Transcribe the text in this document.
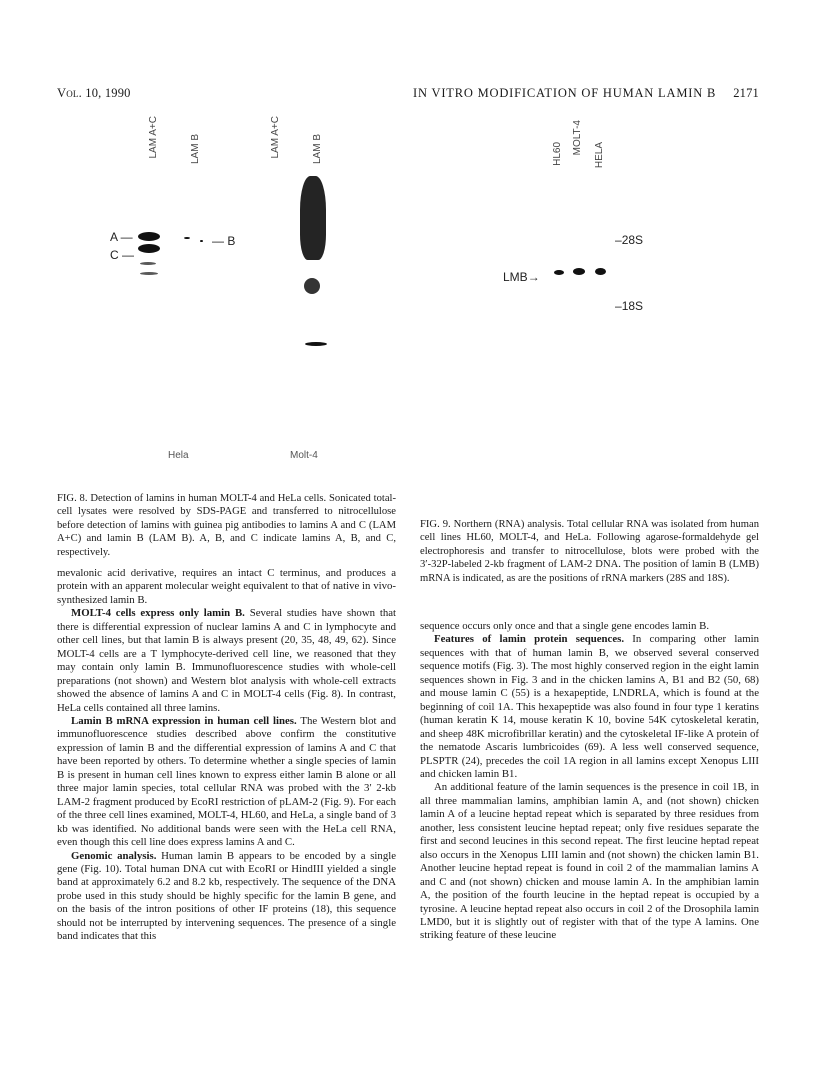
Vol. 10, 1990	IN VITRO MODIFICATION OF HUMAN LAMIN B 2171
LAM A+C	LAM B	LAM A+C	LAM B
A —
C —
— B
Hela	Molt-4
HL60 MOLT-4 HELA
–28S
LMB→
–18S
FIG. 8. Detection of lamins in human MOLT-4 and HeLa cells. Sonicated total-cell lysates were resolved by SDS-PAGE and transferred to nitrocellulose before detection of lamins with guinea pig antibodies to lamins A and C (LAM A+C) and lamin B (LAM B). A, B, and C indicate lamins A, B, and C, respectively.
FIG. 9. Northern (RNA) analysis. Total cellular RNA was isolated from human cell lines HL60, MOLT-4, and HeLa. Following agarose-formaldehyde gel electrophoresis and transfer to nitrocellulose, blots were probed with the 3′-32P-labeled 2-kb fragment of LAM-2 DNA. The position of lamin B (LMB) mRNA is indicated, as are the positions of rRNA markers (28S and 18S).

mevalonic acid derivative, requires an intact C terminus, and produces a protein with an apparent molecular weight equivalent to that of native in vivo-synthesized lamin B.

MOLT-4 cells express only lamin B. Several studies have shown that there is differential expression of nuclear lamins A and C in lymphocyte and other cell lines, but that lamin B is always present (20, 35, 48, 49, 62). Since MOLT-4 cells are a T lymphocyte-derived cell line, we reasoned that they may contain only lamin B. Immunofluorescence studies with whole-cell preparations (not shown) and Western blot analysis with whole-cell extracts showed the absence of lamins A and C in MOLT-4 cells (Fig. 8). In contrast, HeLa cells contained all three lamins.

Lamin B mRNA expression in human cell lines. The Western blot and immunofluorescence studies described above confirm the constitutive expression of lamin B and the differential expression of lamins A and C that have been reported by others. To determine whether a single species of lamin B is present in human cell lines known to express either lamin B alone or all three major lamin species, total cellular RNA was probed with the 3′ 2-kb LAM-2 fragment produced by EcoRI restriction of pLAM-2 (Fig. 9). For each of the three cell lines examined, MOLT-4, HL60, and HeLa, a single band of 3 kb was identified. No additional bands were seen with the HeLa cell RNA, even though this cell line does express lamins A and C.

Genomic analysis. Human lamin B appears to be encoded by a single gene (Fig. 10). Total human DNA cut with EcoRI or HindIII yielded a single band at approximately 6.2 and 8.2 kb, respectively. The sequence of the DNA probe used in this study should be highly specific for the lamin B gene, and on the basis of the intron positions of other IF proteins (18), this sequence should not be interrupted by intervening sequences. The presence of a single band indicates that this

sequence occurs only once and that a single gene encodes lamin B.

Features of lamin protein sequences. In comparing other lamin sequences with that of human lamin B, we observed several conserved sequence motifs (Fig. 3). The most highly conserved region in the eight lamin sequences shown in Fig. 3 and in the chicken lamins A, B1 and B2 (50, 68) and mouse lamin C (55) is a hexapeptide, LNDRLA, which is found at the beginning of coil 1A. This hexapeptide was also found in four type 1 keratins (human keratin K 14, mouse keratin K 10, bovine 54K cytoskeletal keratin, and sheep 48K microfibrillar keratin) and the cytoskeletal IF-like A protein of the nematode Ascaris lumbricoides (69). A less well conserved sequence, PLSPTR (24), precedes the coil 1A region in all lamins except Xenopus LIII and chicken lamin B1.

An additional feature of the lamin sequences is the presence in coil 1B, in all three mammalian lamins, amphibian lamin A, and (not shown) chicken lamin A of a leucine heptad repeat which is separated by three residues from another, less consistent leucine heptad repeat; only five residues separate the first and second leucines in this second repeat. The first leucine heptad repeat also occurs in the Xenopus LIII lamin and (not shown) the chicken lamin B1. Another leucine heptad repeat is found in coil 2 of the mammalian lamins A and C and (not shown) chicken and mouse lamin A. In the amphibian lamin A, the position of the fourth leucine in the heptad repeat is occupied by a tyrosine. A leucine heptad repeat also occurs in coil 2 of the Drosophila lamin LMD0, but it is slightly out of register with that of the type A lamins. One striking feature of these leucine
